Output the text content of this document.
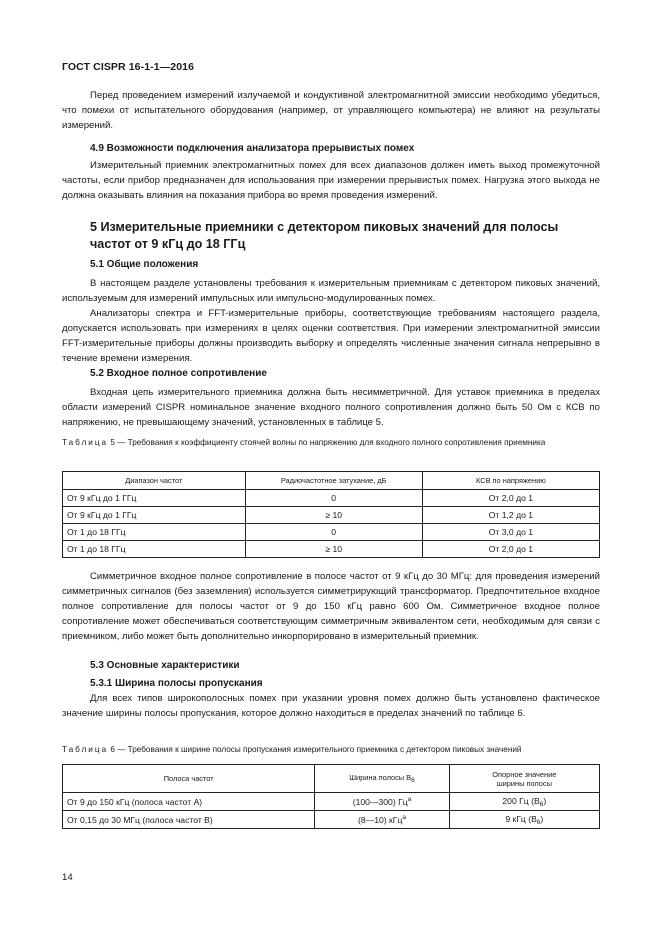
ГОСТ CISPR 16-1-1—2016

Перед проведением измерений излучаемой и кондуктивной электромагнитной эмиссии необходимо убедиться, что помехи от испытательного оборудования (например, от управляющего компьютера) не влияют на результаты измерений.

4.9 Возможности подключения анализатора прерывистых помех

Измерительный приемник электромагнитных помех для всех диапазонов должен иметь выход промежуточной частоты, если прибор предназначен для использования при измерении прерывистых помех. Нагрузка этого выхода не должна оказывать влияния на показания прибора во время проведения измерений.

5 Измерительные приемники с детектором пиковых значений для полосы

частот от 9 кГц до 18 ГГц

5.1 Общие положения

В настоящем разделе установлены требования к измерительным приемникам с детектором пиковых значений, используемым для измерений импульсных или импульсно-модулированных помех.

Анализаторы спектра и FFT-измерительные приборы, соответствующие требованиям настоящего раздела, допускается использовать при измерениях в целях оценки соответствия. При измерении электромагнитной эмиссии FFT-измерительные приборы должны производить выборку и определять численные значения сигнала непрерывно в течение времени измерения.

5.2 Входное полное сопротивление

Входная цепь измерительного приемника должна быть несимметричной. Для уставок приемника в пределах области измерений CISPR номинальное значение входного полного сопротивления должно быть 50 Ом с КСВ по напряжению, не превышающему значений, установленных в таблице 5.

Таблица 5 — Требования к коэффициенту стоячей волны по напряжению для входного полного сопротивления приемника

Диапазон частот	Радиочастотное затухание, дБ	КСВ по напряжению
От 9 кГц до 1 ГГц	0	От 2,0 до 1
От 9 кГц до 1 ГГц	≥ 10	От 1,2 до 1
От 1 до 18 ГГц	0	От 3,0 до 1
От 1 до 18 ГГц	≥ 10	От 2,0 до 1

Симметричное входное полное сопротивление в полосе частот от 9 кГц до 30 МГц: для проведения измерений симметричных сигналов (без заземления) используется симметрирующий трансформатор. Предпочтительное входное полное сопротивление для полосы частот от 9 до 150 кГц равно 600 Ом. Симметричное входное полное сопротивление может обеспечиваться соответствующим симметричным эквивалентом сети, необходимым для связи с приемником, либо может быть дополнительно инкорпорировано в измерительный приемник.

5.3 Основные характеристики

5.3.1 Ширина полосы пропускания

Для всех типов широкополосных помех при указании уровня помех должно быть установлено фактическое значение ширины полосы пропускания, которое должно находиться в пределах значений по таблице 6.

Таблица 6 — Требования к ширине полосы пропускания измерительного приемника с детектором пиковых значений

Полоса частот	Ширина полосы B6	Опорное значение
ширины полосы

От 9 до 150 кГц (полоса частот А)	(100—300) $Гц^a$	200 Гц $(B_6)$
От 0,15 до 30 МГц (полоса частот В)	(8—10) кГц$^a$	9 кГц $(B_6)$
14
